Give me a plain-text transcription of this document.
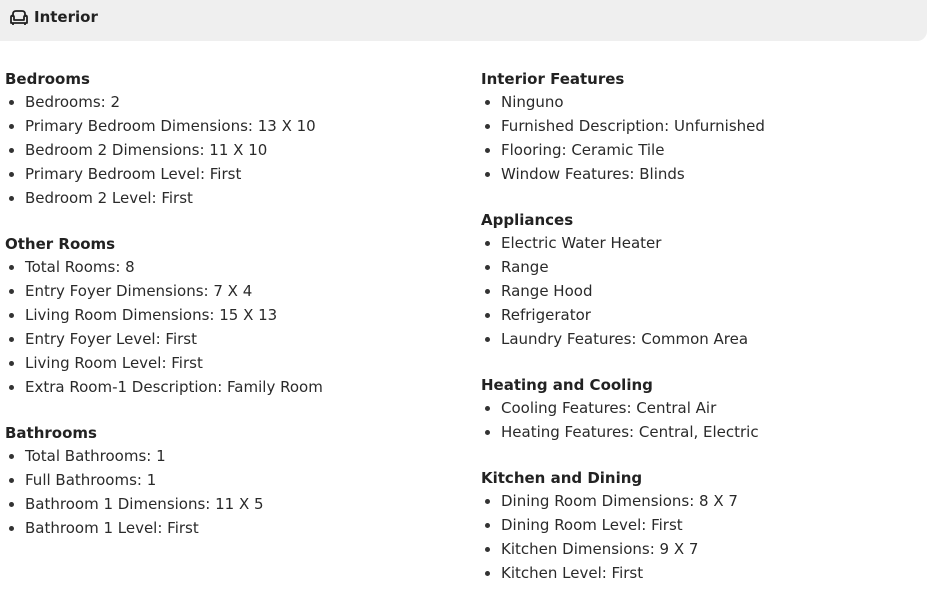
Interior
Bedrooms
Bedrooms: 2
Primary Bedroom Dimensions: 13 X 10
Bedroom 2 Dimensions: 11 X 10
Primary Bedroom Level: First
Bedroom 2 Level: First
Other Rooms
Total Rooms: 8
Entry Foyer Dimensions: 7 X 4
Living Room Dimensions: 15 X 13
Entry Foyer Level: First
Living Room Level: First
Extra Room-1 Description: Family Room
Bathrooms
Total Bathrooms: 1
Full Bathrooms: 1
Bathroom 1 Dimensions: 11 X 5
Bathroom 1 Level: First
Interior Features
Ninguno
Furnished Description: Unfurnished
Flooring: Ceramic Tile
Window Features: Blinds
Appliances
Electric Water Heater
Range
Range Hood
Refrigerator
Laundry Features: Common Area
Heating and Cooling
Cooling Features: Central Air
Heating Features: Central, Electric
Kitchen and Dining
Dining Room Dimensions: 8 X 7
Dining Room Level: First
Kitchen Dimensions: 9 X 7
Kitchen Level: First
